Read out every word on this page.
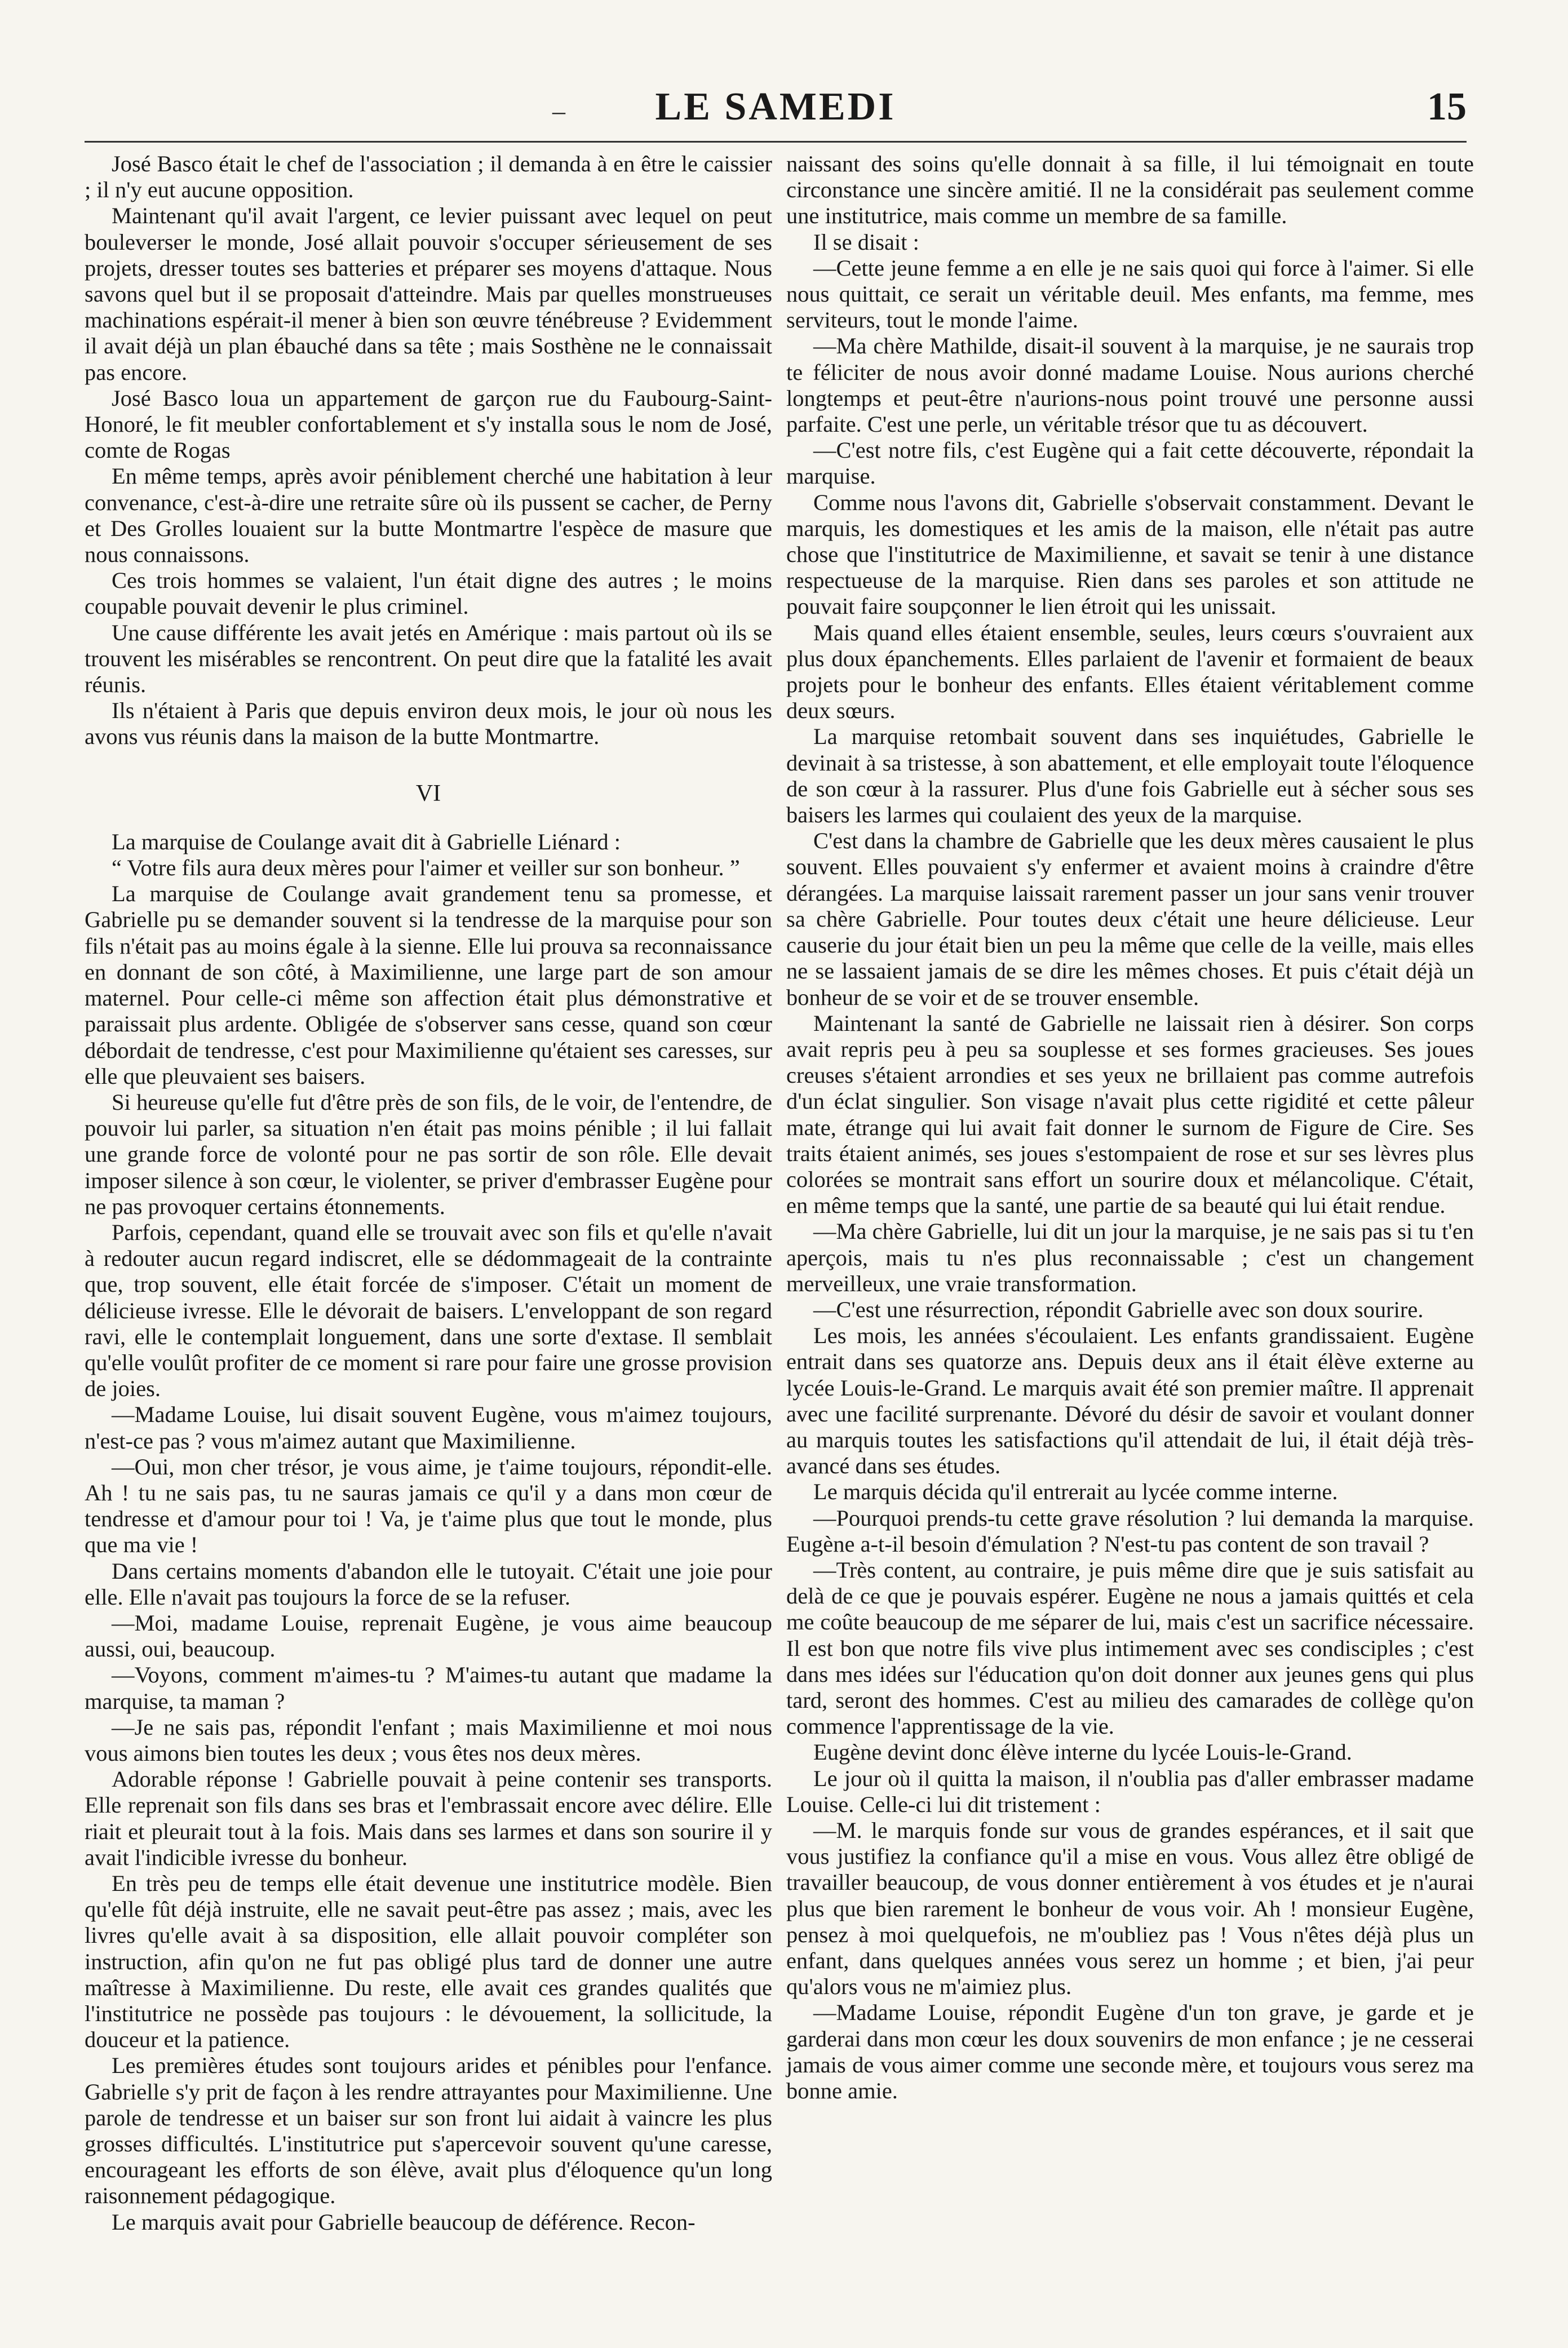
–	LE SAMEDI	15

José Basco était le chef de l'association ; il demanda à en être le caissier ; il n'y eut aucune opposition.

Maintenant qu'il avait l'argent, ce levier puissant avec lequel on peut bouleverser le monde, José allait pouvoir s'occuper sérieusement de ses projets, dresser toutes ses batteries et préparer ses moyens d'attaque. Nous savons quel but il se proposait d'atteindre. Mais par quelles monstrueuses machinations espérait-il mener à bien son œuvre ténébreuse ? Evidemment il avait déjà un plan ébauché dans sa tête ; mais Sosthène ne le connaissait pas encore.

José Basco loua un appartement de garçon rue du Faubourg-Saint-Honoré, le fit meubler confortablement et s'y installa sous le nom de José, comte de Rogas

En même temps, après avoir péniblement cherché une habitation à leur convenance, c'est-à-dire une retraite sûre où ils pussent se cacher, de Perny et Des Grolles louaient sur la butte Montmartre l'espèce de masure que nous connaissons.

Ces trois hommes se valaient, l'un était digne des autres ; le moins coupable pouvait devenir le plus criminel.

Une cause différente les avait jetés en Amérique : mais partout où ils se trouvent les misérables se rencontrent. On peut dire que la fatalité les avait réunis.

Ils n'étaient à Paris que depuis environ deux mois, le jour où nous les avons vus réunis dans la maison de la butte Montmartre.

VI

La marquise de Coulange avait dit à Gabrielle Liénard :

“ Votre fils aura deux mères pour l'aimer et veiller sur son bonheur. ”

La marquise de Coulange avait grandement tenu sa promesse, et Gabrielle pu se demander souvent si la tendresse de la marquise pour son fils n'était pas au moins égale à la sienne. Elle lui prouva sa reconnaissance en donnant de son côté, à Maximilienne, une large part de son amour maternel. Pour celle-ci même son affection était plus démonstrative et paraissait plus ardente. Obligée de s'observer sans cesse, quand son cœur débordait de tendresse, c'est pour Maximilienne qu'étaient ses caresses, sur elle que pleuvaient ses baisers.

Si heureuse qu'elle fut d'être près de son fils, de le voir, de l'entendre, de pouvoir lui parler, sa situation n'en était pas moins pénible ; il lui fallait une grande force de volonté pour ne pas sortir de son rôle. Elle devait imposer silence à son cœur, le violenter, se priver d'embrasser Eugène pour ne pas provoquer certains étonnements.

Parfois, cependant, quand elle se trouvait avec son fils et qu'elle n'avait à redouter aucun regard indiscret, elle se dédommageait de la contrainte que, trop souvent, elle était forcée de s'imposer. C'était un moment de délicieuse ivresse. Elle le dévorait de baisers. L'enveloppant de son regard ravi, elle le contemplait longuement, dans une sorte d'extase. Il semblait qu'elle voulût profiter de ce moment si rare pour faire une grosse provision de joies.

—Madame Louise, lui disait souvent Eugène, vous m'aimez toujours, n'est-ce pas ? vous m'aimez autant que Maximilienne.

—Oui, mon cher trésor, je vous aime, je t'aime toujours, répondit-elle. Ah ! tu ne sais pas, tu ne sauras jamais ce qu'il y a dans mon cœur de tendresse et d'amour pour toi ! Va, je t'aime plus que tout le monde, plus que ma vie !

Dans certains moments d'abandon elle le tutoyait. C'était une joie pour elle. Elle n'avait pas toujours la force de se la refuser.

—Moi, madame Louise, reprenait Eugène, je vous aime beaucoup aussi, oui, beaucoup.

—Voyons, comment m'aimes-tu ? M'aimes-tu autant que madame la marquise, ta maman ?

—Je ne sais pas, répondit l'enfant ; mais Maximilienne et moi nous vous aimons bien toutes les deux ; vous êtes nos deux mères.

Adorable réponse ! Gabrielle pouvait à peine contenir ses transports. Elle reprenait son fils dans ses bras et l'embrassait encore avec délire. Elle riait et pleurait tout à la fois. Mais dans ses larmes et dans son sourire il y avait l'indicible ivresse du bonheur.

En très peu de temps elle était devenue une institutrice modèle. Bien qu'elle fût déjà instruite, elle ne savait peut-être pas assez ; mais, avec les livres qu'elle avait à sa disposition, elle allait pouvoir compléter son instruction, afin qu'on ne fut pas obligé plus tard de donner une autre maîtresse à Maximilienne. Du reste, elle avait ces grandes qualités que l'institutrice ne possède pas toujours : le dévouement, la sollicitude, la douceur et la patience.

Les premières études sont toujours arides et pénibles pour l'enfance. Gabrielle s'y prit de façon à les rendre attrayantes pour Maximilienne. Une parole de tendresse et un baiser sur son front lui aidait à vaincre les plus grosses difficultés. L'institutrice put s'apercevoir souvent qu'une caresse, encourageant les efforts de son élève, avait plus d'éloquence qu'un long raisonnement pédagogique.

Le marquis avait pour Gabrielle beaucoup de déférence. Recon-

naissant des soins qu'elle donnait à sa fille, il lui témoignait en toute circonstance une sincère amitié. Il ne la considérait pas seulement comme une institutrice, mais comme un membre de sa famille.

Il se disait :

—Cette jeune femme a en elle je ne sais quoi qui force à l'aimer. Si elle nous quittait, ce serait un véritable deuil. Mes enfants, ma femme, mes serviteurs, tout le monde l'aime.

—Ma chère Mathilde, disait-il souvent à la marquise, je ne saurais trop te féliciter de nous avoir donné madame Louise. Nous aurions cherché longtemps et peut-être n'aurions-nous point trouvé une personne aussi parfaite. C'est une perle, un véritable trésor que tu as découvert.

—C'est notre fils, c'est Eugène qui a fait cette découverte, répondait la marquise.

Comme nous l'avons dit, Gabrielle s'observait constamment. Devant le marquis, les domestiques et les amis de la maison, elle n'était pas autre chose que l'institutrice de Maximilienne, et savait se tenir à une distance respectueuse de la marquise. Rien dans ses paroles et son attitude ne pouvait faire soupçonner le lien étroit qui les unissait.

Mais quand elles étaient ensemble, seules, leurs cœurs s'ouvraient aux plus doux épanchements. Elles parlaient de l'avenir et formaient de beaux projets pour le bonheur des enfants. Elles étaient véritablement comme deux sœurs.

La marquise retombait souvent dans ses inquiétudes, Gabrielle le devinait à sa tristesse, à son abattement, et elle employait toute l'éloquence de son cœur à la rassurer. Plus d'une fois Gabrielle eut à sécher sous ses baisers les larmes qui coulaient des yeux de la marquise.

C'est dans la chambre de Gabrielle que les deux mères causaient le plus souvent. Elles pouvaient s'y enfermer et avaient moins à craindre d'être dérangées. La marquise laissait rarement passer un jour sans venir trouver sa chère Gabrielle. Pour toutes deux c'était une heure délicieuse. Leur causerie du jour était bien un peu la même que celle de la veille, mais elles ne se lassaient jamais de se dire les mêmes choses. Et puis c'était déjà un bonheur de se voir et de se trouver ensemble.

Maintenant la santé de Gabrielle ne laissait rien à désirer. Son corps avait repris peu à peu sa souplesse et ses formes gracieuses. Ses joues creuses s'étaient arrondies et ses yeux ne brillaient pas comme autrefois d'un éclat singulier. Son visage n'avait plus cette rigidité et cette pâleur mate, étrange qui lui avait fait donner le surnom de Figure de Cire. Ses traits étaient animés, ses joues s'estompaient de rose et sur ses lèvres plus colorées se montrait sans effort un sourire doux et mélancolique. C'était, en même temps que la santé, une partie de sa beauté qui lui était rendue.

—Ma chère Gabrielle, lui dit un jour la marquise, je ne sais pas si tu t'en aperçois, mais tu n'es plus reconnaissable ; c'est un changement merveilleux, une vraie transformation.

—C'est une résurrection, répondit Gabrielle avec son doux sourire.

Les mois, les années s'écoulaient. Les enfants grandissaient. Eugène entrait dans ses quatorze ans. Depuis deux ans il était élève externe au lycée Louis-le-Grand. Le marquis avait été son premier maître. Il apprenait avec une facilité surprenante. Dévoré du désir de savoir et voulant donner au marquis toutes les satisfactions qu'il attendait de lui, il était déjà très-avancé dans ses études.

Le marquis décida qu'il entrerait au lycée comme interne.

—Pourquoi prends-tu cette grave résolution ? lui demanda la marquise. Eugène a-t-il besoin d'émulation ? N'est-tu pas content de son travail ?

—Très content, au contraire, je puis même dire que je suis satisfait au delà de ce que je pouvais espérer. Eugène ne nous a jamais quittés et cela me coûte beaucoup de me séparer de lui, mais c'est un sacrifice nécessaire. Il est bon que notre fils vive plus intimement avec ses condisciples ; c'est dans mes idées sur l'éducation qu'on doit donner aux jeunes gens qui plus tard, seront des hommes. C'est au milieu des camarades de collège qu'on commence l'apprentissage de la vie.

Eugène devint donc élève interne du lycée Louis-le-Grand.

Le jour où il quitta la maison, il n'oublia pas d'aller embrasser madame Louise. Celle-ci lui dit tristement :

—M. le marquis fonde sur vous de grandes espérances, et il sait que vous justifiez la confiance qu'il a mise en vous. Vous allez être obligé de travailler beaucoup, de vous donner entièrement à vos études et je n'aurai plus que bien rarement le bonheur de vous voir. Ah ! monsieur Eugène, pensez à moi quelquefois, ne m'oubliez pas ! Vous n'êtes déjà plus un enfant, dans quelques années vous serez un homme ; et bien, j'ai peur qu'alors vous ne m'aimiez plus.

—Madame Louise, répondit Eugène d'un ton grave, je garde et je garderai dans mon cœur les doux souvenirs de mon enfance ; je ne cesserai jamais de vous aimer comme une seconde mère, et toujours vous serez ma bonne amie.
